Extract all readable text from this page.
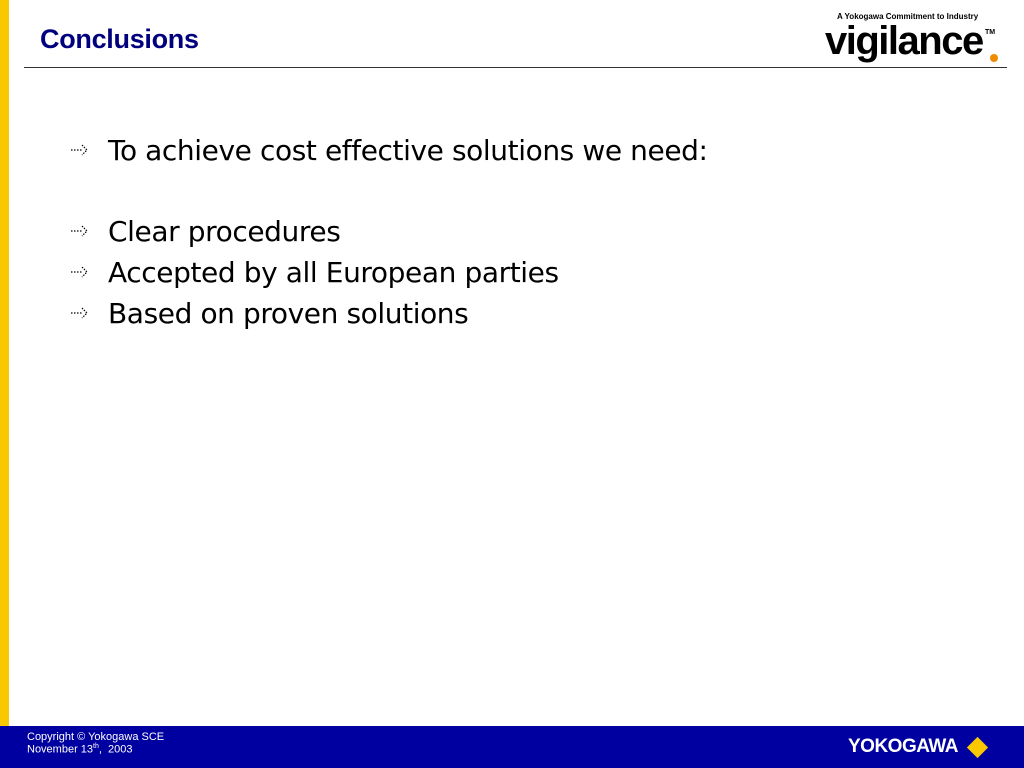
Conclusions
A Yokogawa Commitment to Industry
vigilance TM
To achieve cost effective solutions we need:
Clear procedures
Accepted by all European parties
Based on proven solutions
Copyright © Yokogawa SCE
November 13th,  2003	YOKOGAWA
